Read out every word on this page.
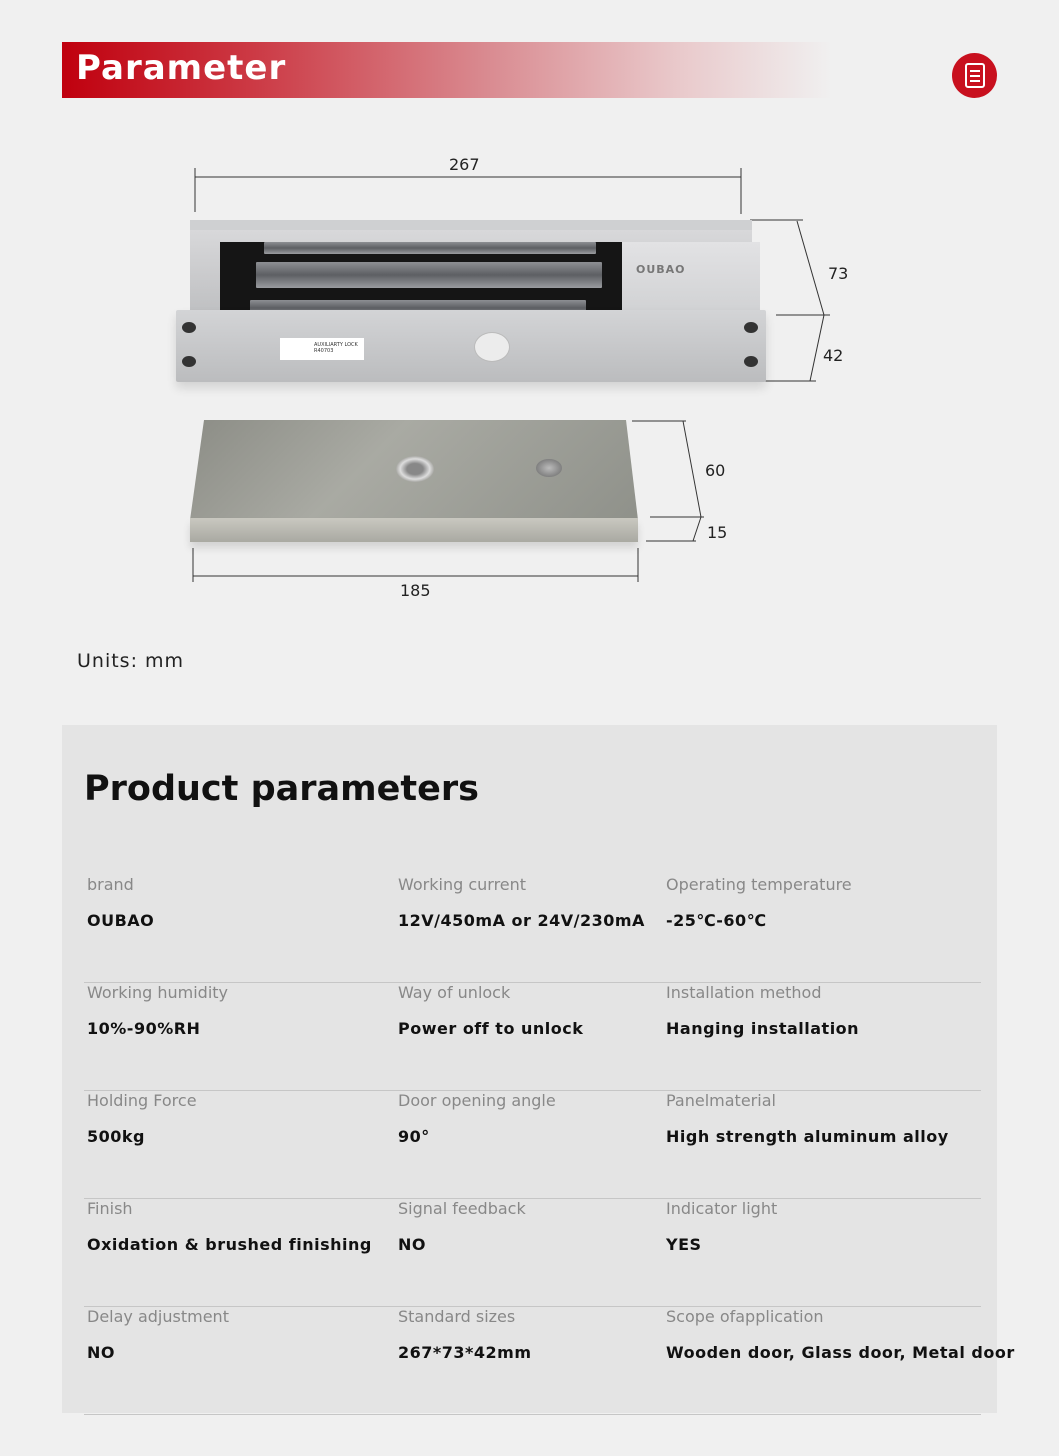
Parameter
267
73
42
60
15
185
OUBAO
AUXILIARTY LOCK
R40703
Units: mm
Product parameters
brand
OUBAO
Working current
12V/450mA or 24V/230mA
Operating temperature
-25℃-60℃
Working humidity
10%-90%RH
Way of unlock
Power off to unlock
Installation method
Hanging installation
Holding Force
500kg
Door opening angle
90°
Panelmaterial
High strength aluminum alloy
Finish
Oxidation & brushed finishing
Signal feedback
NO
Indicator light
YES
Delay adjustment
NO
Standard sizes
267*73*42mm
Scope ofapplication
Wooden door, Glass door, Metal door
